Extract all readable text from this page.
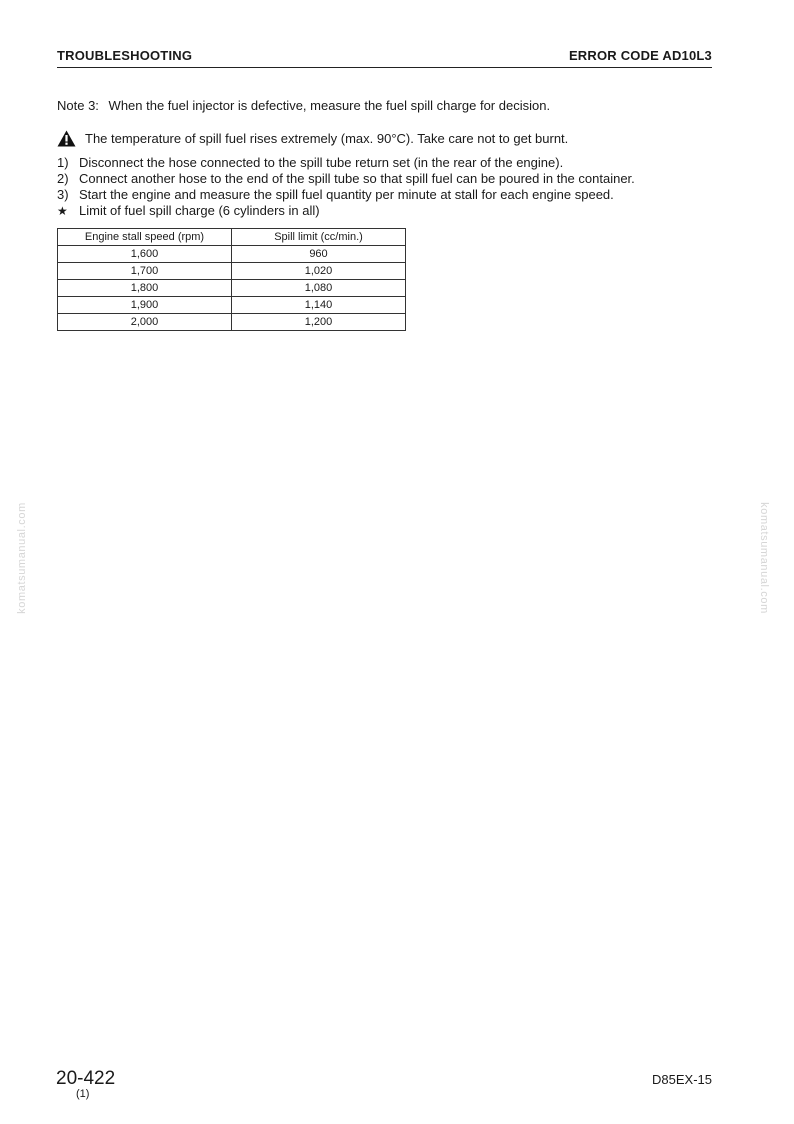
TROUBLESHOOTING	ERROR CODE AD10L3
Note 3: When the fuel injector is defective, measure the fuel spill charge for decision.
The temperature of spill fuel rises extremely (max. 90°C). Take care not to get burnt.
1) Disconnect the hose connected to the spill tube return set (in the rear of the engine).
2) Connect another hose to the end of the spill tube so that spill fuel can be poured in the container.
3) Start the engine and measure the spill fuel quantity per minute at stall for each engine speed.
★ Limit of fuel spill charge (6 cylinders in all)
Engine stall speed (rpm)	Spill limit (cc/min.)
1,600	960
1,700	1,020
1,800	1,080
1,900	1,140
2,000	1,200
komatsumanual.com	komatsumanual.com
20-422
(1)
D85EX-15
